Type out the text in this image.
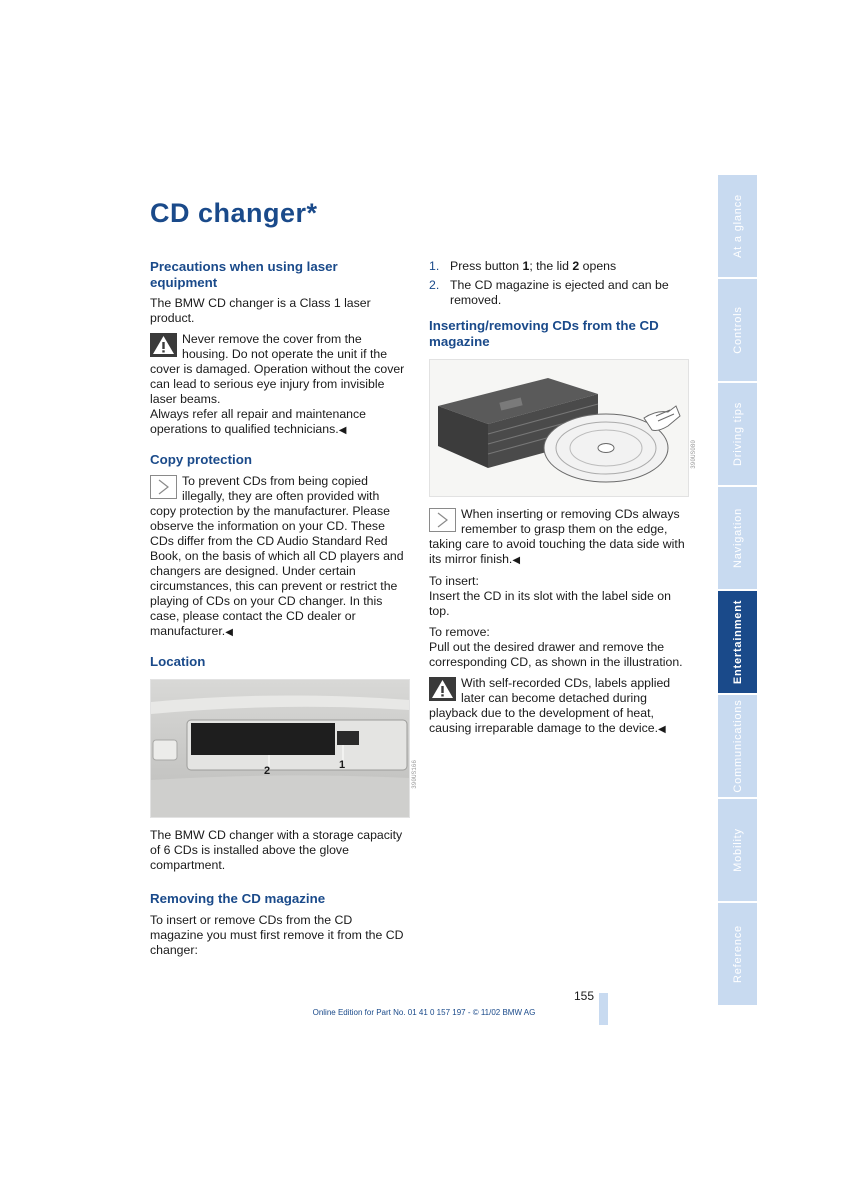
CD changer*
Precautions when using laser equipment

The BMW CD changer is a Class 1 laser product.

Never remove the cover from the housing. Do not operate the unit if the cover is damaged. Operation without the cover can lead to serious eye injury from invisible laser beams.

Always refer all repair and maintenance operations to qualified technicians.◀

Copy protection

To prevent CDs from being copied illegally, they are often provided with copy protection by the manufacturer. Please observe the information on your CD. These CDs differ from the CD Audio Standard Red Book, on the basis of which all CD players and changers are designed. Under certain circumstances, this can prevent or restrict the playing of CDs on your CD changer. In this case, please contact the CD dealer or manufacturer.◀

Location
2	1	390US166

The BMW CD changer with a storage capacity of 6 CDs is installed above the glove compartment.

Removing the CD magazine

To insert or remove CDs from the CD magazine you must first remove it from the CD changer:

1. Press button 1; the lid 2 opens
2. The CD magazine is ejected and can be removed.
Inserting/removing CDs from the CD magazine
390US080

When inserting or removing CDs always remember to grasp them on the edge, taking care to avoid touching the data side with its mirror finish.◀

To insert:

Insert the CD in its slot with the label side on top.

To remove:

Pull out the desired drawer and remove the corresponding CD, as shown in the illustration.

With self-recorded CDs, labels applied later can become detached during playback due to the development of heat, causing irreparable damage to the device.◀

At a glance
Controls
Driving tips
Navigation
Entertainment
Communications
Mobility
Reference
155
Online Edition for Part No. 01 41 0 157 197 - © 11/02 BMW AG
